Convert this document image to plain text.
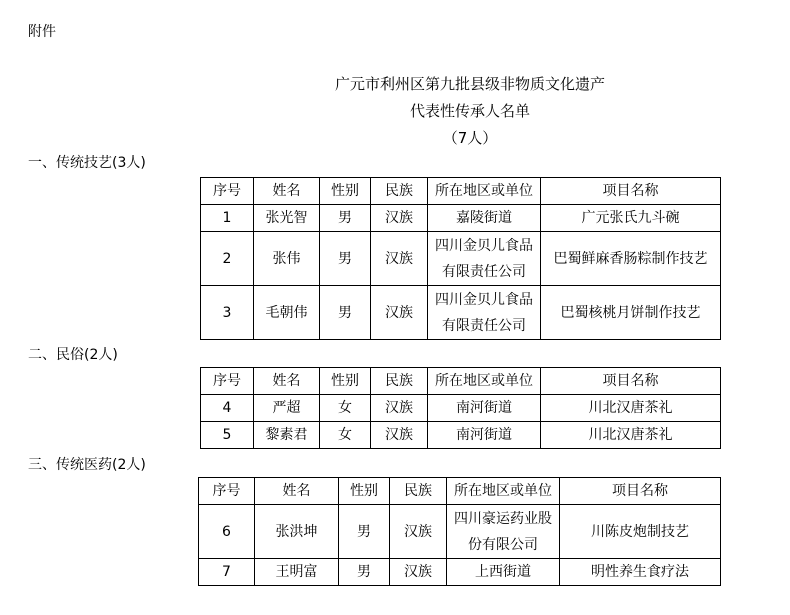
附件
广元市利州区第九批县级非物质文化遗产
代表性传承人名单
（7人）
一、传统技艺(3人)
序号	姓名	性别	民族	所在地区或单位	项目名称
1	张光智	男	汉族	嘉陵街道	广元张氏九斗碗
2	张伟	男	汉族	四川金贝儿食品有限责任公司	巴蜀鲜麻香肠粽制作技艺
3	毛朝伟	男	汉族	四川金贝儿食品有限责任公司	巴蜀核桃月饼制作技艺
二、民俗(2人)
序号	姓名	性别	民族	所在地区或单位	项目名称
4	严超	女	汉族	南河街道	川北汉唐茶礼
5	黎素君	女	汉族	南河街道	川北汉唐茶礼
三、传统医药(2人)
序号	姓名	性别	民族	所在地区或单位	项目名称
6	张洪坤	男	汉族	四川豪运药业股份有限公司	川陈皮炮制技艺
7	王明富	男	汉族	上西街道	明性养生食疗法
